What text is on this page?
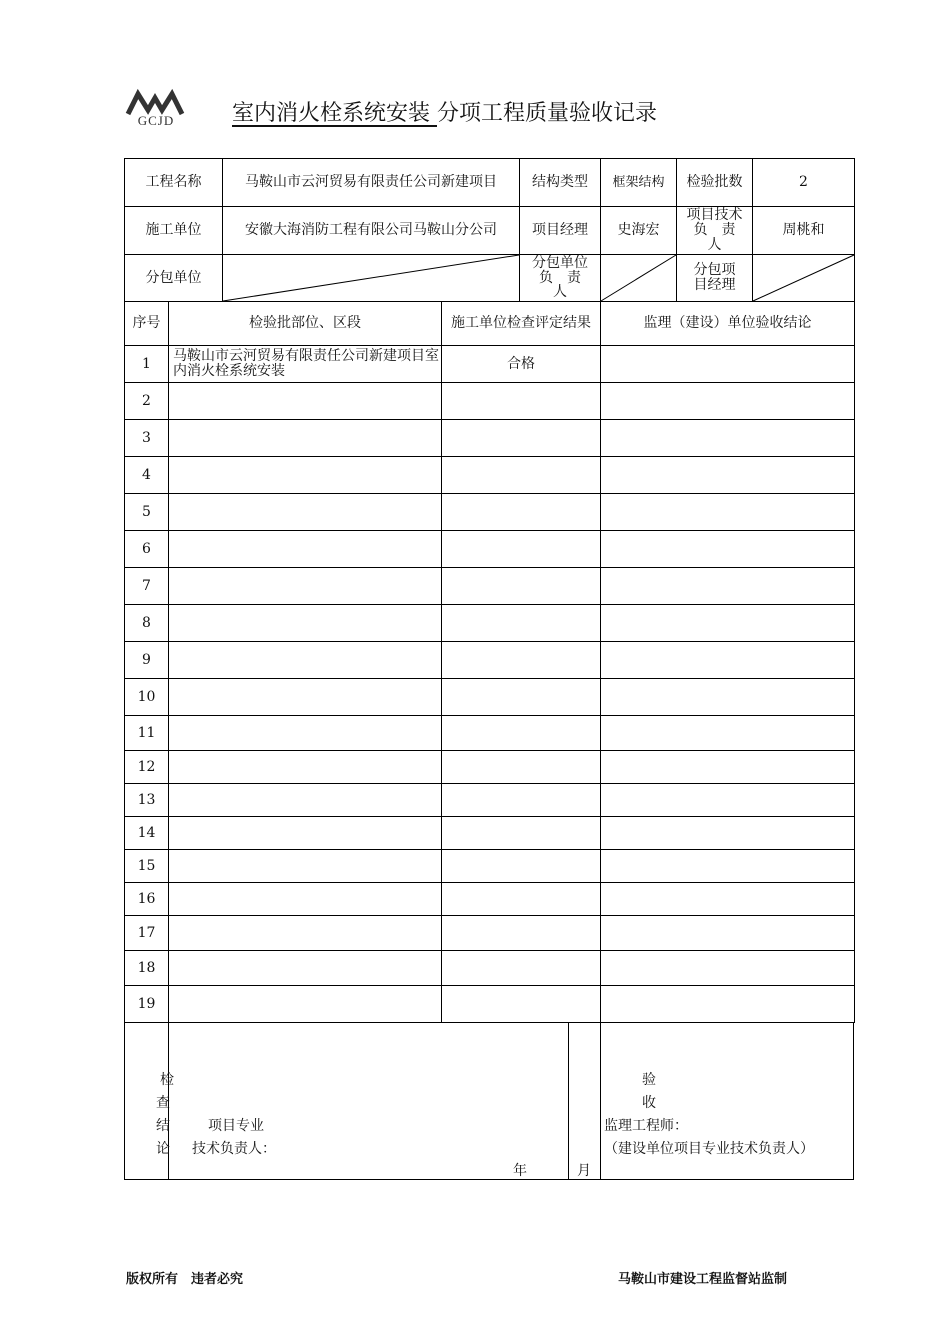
GCJD	室内消火栓系统安装 分项工程质量验收记录
工程名称		马鞍山市云河贸易有限责任公司新建项目		结构类型	框架结构	检验批数	2
施工单位		安徽大海消防工程有限公司马鞍山分公司		项目经理	史海宏	项目技术负　责　　人	周桃和
分包单位				分包单位负　责　　人		分包项目经理	

序号	检验批部位、区段		施工单位检查评定结果		监理（建设）单位验收结论		
1	马鞍山市云河贸易有限责任公司新建项目室内消火栓系统安装		合格				
2							
3							
4							
5							
6							
7							
8							
9							
10							
11							
12							
13							
14							
15							
16							
17							
18							
19							
检
查
结
论
项目专业
技术负责人：
年	月
验
收
监理工程师：
（建设单位项目专业技术负责人）
版权所有　违者必究	马鞍山市建设工程监督站监制
